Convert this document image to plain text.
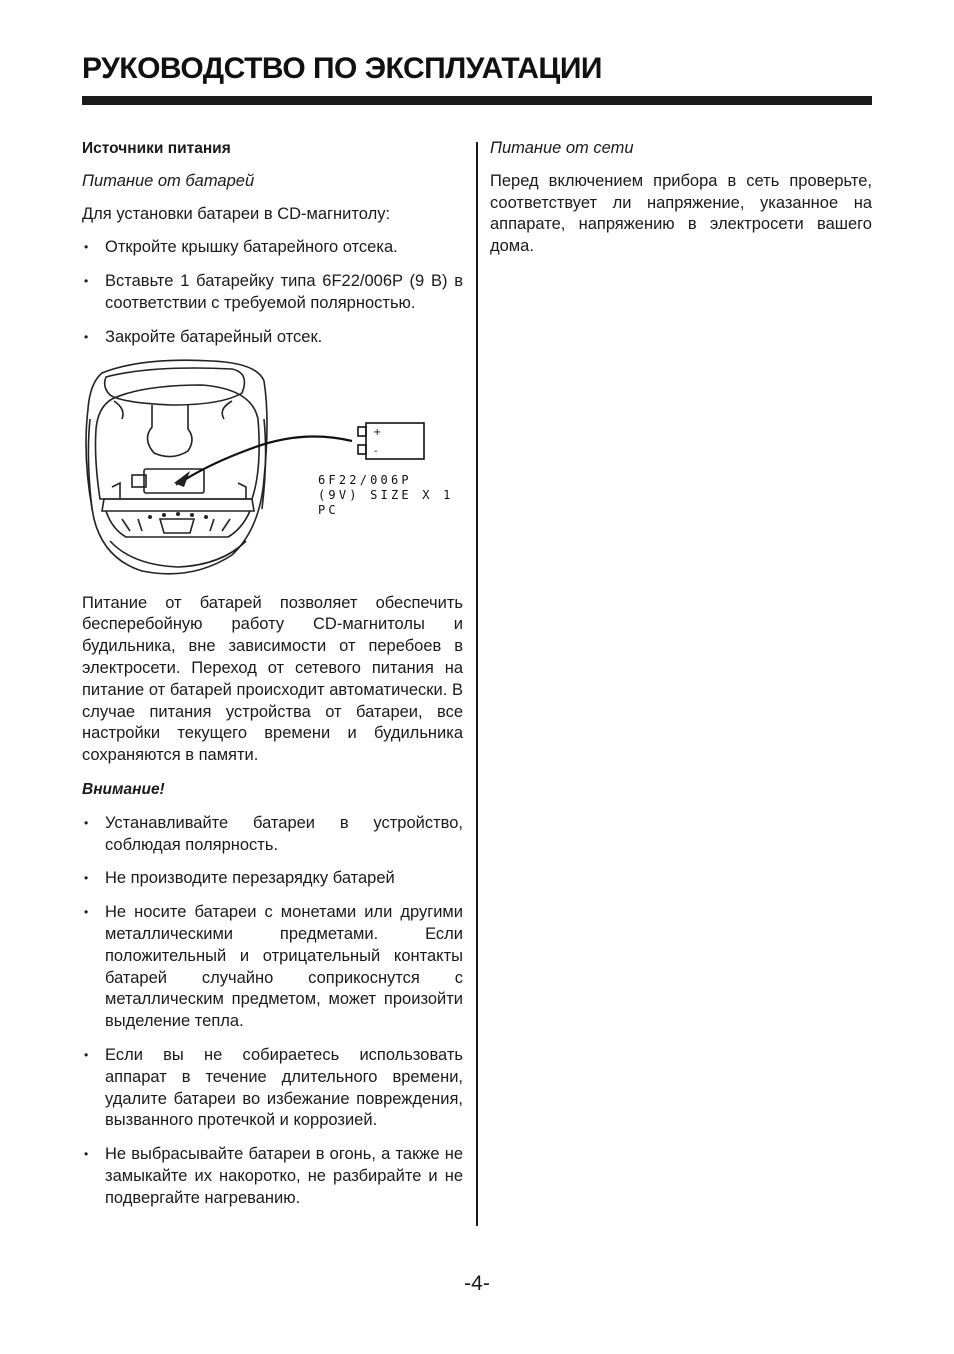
РУКОВОДСТВО ПО ЭКСПЛУАТАЦИИ

Источники питания

Питание от батарей

Для установки батареи в CD-магнитолу:

• Откройте крышку батарейного отсека.
• Вставьте 1 батарейку типа 6F22/006P (9 В) в соответствии с требуемой полярностью.
• Закройте батарейный отсек.
+
-
6F22/006P
(9V) SIZE X 1 PC

Питание от батарей позволяет обеспечить бесперебойную работу CD-магнитолы и будильника, вне зависимости от перебоев в электросети. Переход от сетевого питания на питание от батарей происходит автоматически. В случае питания устройства от батареи, все настройки текущего времени и будильника сохраняются в памяти.

Внимание!

• Устанавливайте батареи в устройство, соблюдая полярность.
• Не производите перезарядку батарей
• Не носите батареи с монетами или другими металлическими предметами. Если положительный и отрицательный контакты батарей случайно соприкоснутся с металлическим предметом, может произойти выделение тепла.
• Если вы не собираетесь использовать аппарат в течение длительного времени, удалите батареи во избежание повреждения, вызванного протечкой и коррозией.
• Не выбрасывайте батареи в огонь, а также не замыкайте их накоротко, не разбирайте и не подвергайте нагреванию.

Питание от сети

Перед включением прибора в сеть проверьте, соответствует ли напряжение, указанное на аппарате, напряжению в электросети вашего дома.

-4-
